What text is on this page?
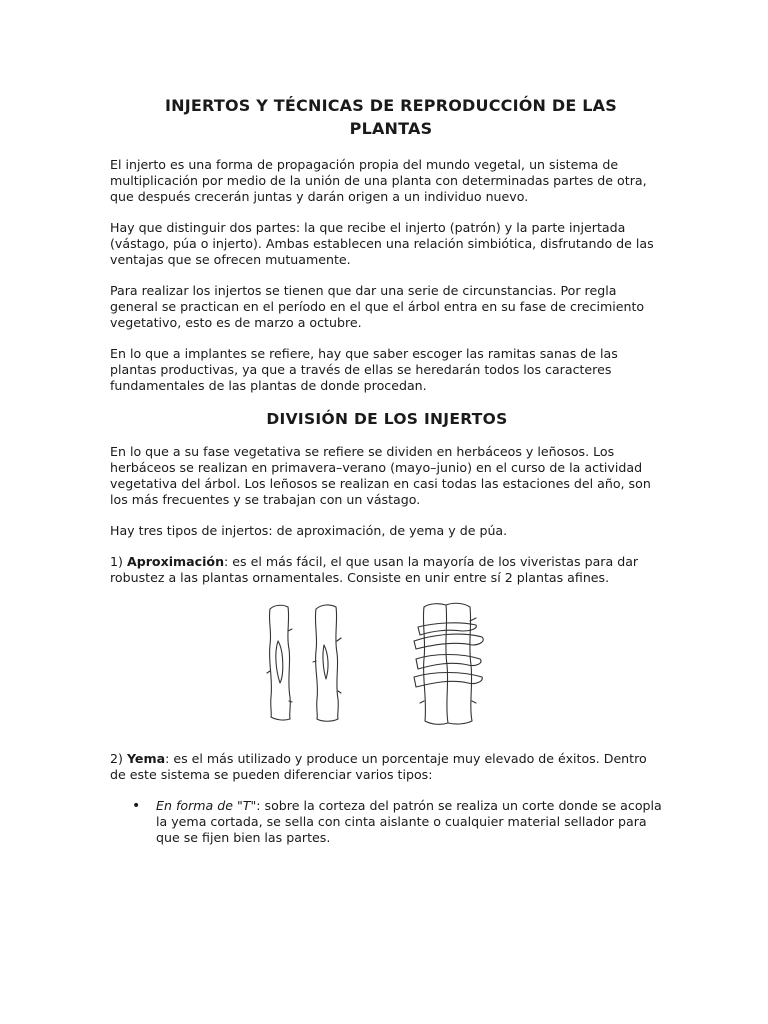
INJERTOS Y TÉCNICAS DE REPRODUCCIÓN DE LAS
PLANTAS

El injerto es una forma de propagación propia del mundo vegetal, un sistema de multiplicación por medio de la unión de una planta con determinadas partes de otra, que después crecerán juntas y darán origen a un individuo nuevo.

Hay que distinguir dos partes: la que recibe el injerto (patrón) y la parte injertada (vástago, púa o injerto). Ambas establecen una relación simbiótica, disfrutando de las ventajas que se ofrecen mutuamente.

Para realizar los injertos se tienen que dar una serie de circunstancias. Por regla general se practican en el período en el que el árbol entra en su fase de crecimiento vegetativo, esto es de marzo a octubre.

En lo que a implantes se refiere, hay que saber escoger las ramitas sanas de las plantas productivas, ya que a través de ellas se heredarán todos los caracteres fundamentales de las plantas de donde procedan.

DIVISIÓN DE LOS INJERTOS

En lo que a su fase vegetativa se refiere se dividen en herbáceos y leñosos. Los herbáceos se realizan en primavera–verano (mayo–junio) en el curso de la actividad vegetativa del árbol. Los leñosos se realizan en casi todas las estaciones del año, son los más frecuentes y se trabajan con un vástago.

Hay tres tipos de injertos: de aproximación, de yema y de púa.

1) Aproximación: es el más fácil, el que usan la mayoría de los viveristas para dar robustez a las plantas ornamentales. Consiste en unir entre sí 2 plantas afines.

2) Yema: es el más utilizado y produce un porcentaje muy elevado de éxitos. Dentro de este sistema se pueden diferenciar varios tipos:

• En forma de "T": sobre la corteza del patrón se realiza un corte donde se acopla la yema cortada, se sella con cinta aislante o cualquier material sellador para que se fijen bien las partes.
